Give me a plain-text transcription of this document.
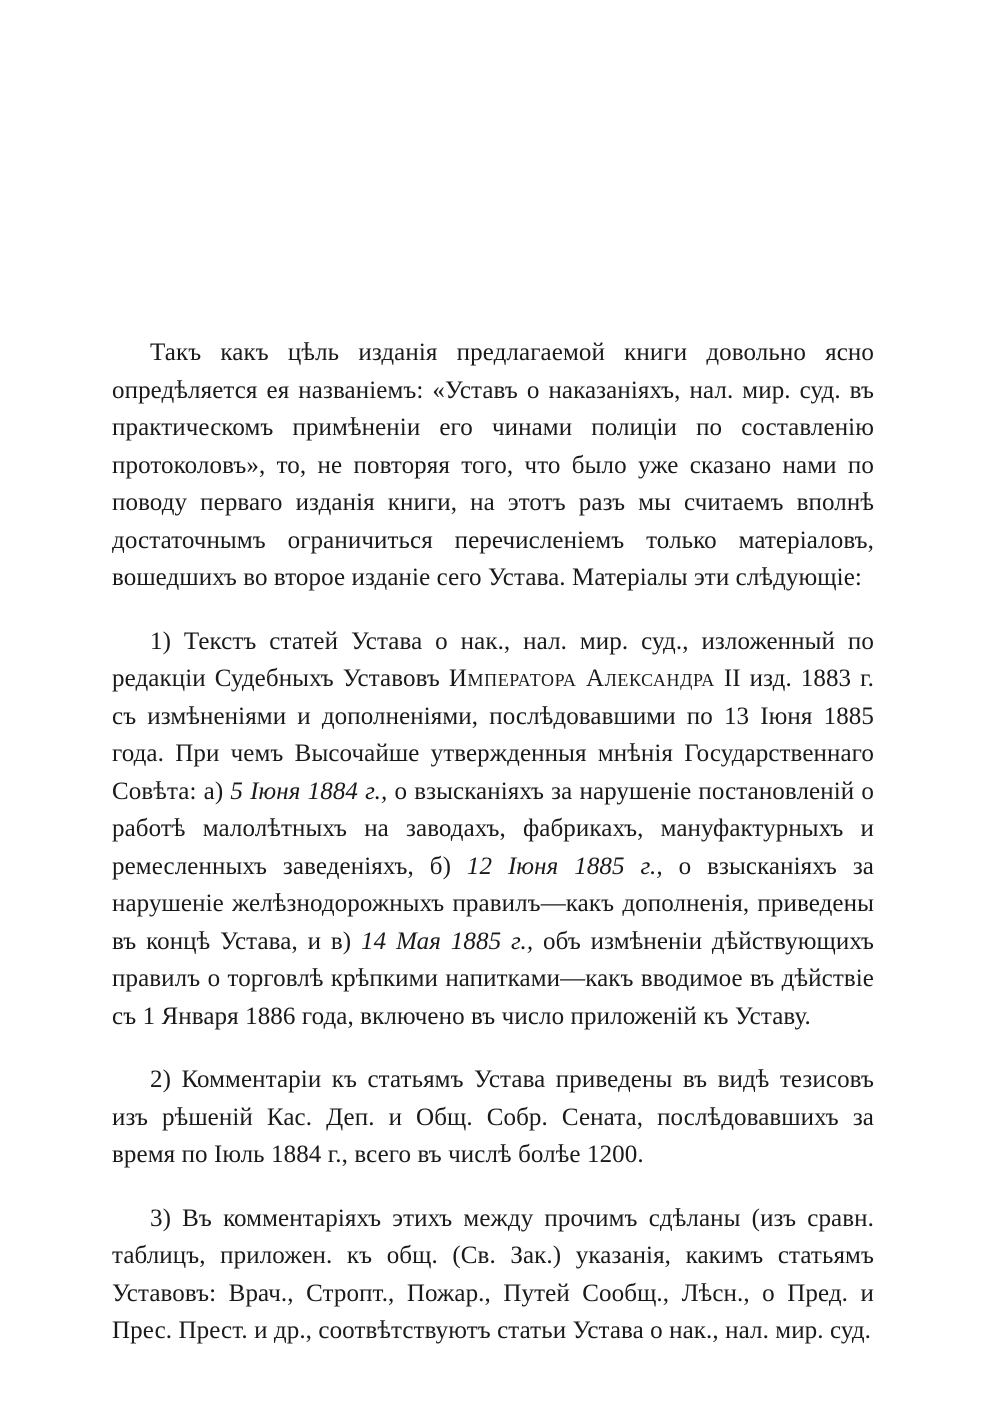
Такъ какъ цѣль изданія предлагаемой книги довольно ясно опредѣляется ея названіемъ: «Уставъ о наказаніяхъ, нал. мир. суд. въ практическомъ примѣненіи его чинами полиціи по составленію протоколовъ», то, не повторяя того, что было уже сказано нами по поводу перваго изданія книги, на этотъ разъ мы считаемъ вполнѣ достаточнымъ ограничиться перечисленіемъ только матеріаловъ, вошедшихъ во второе изданіе сего Устава. Матеріалы эти слѣдующіе:

1) Текстъ статей Устава о нак., нал. мир. суд., изложенный по редакціи Судебныхъ Уставовъ Императора Александра II изд. 1883 г. съ измѣненіями и дополненіями, послѣдовавшими по 13 Іюня 1885 года. При чемъ Высочайше утвержденныя мнѣнія Государственнаго Совѣта: а) 5 Іюня 1884 г., о взысканіяхъ за нарушеніе постановленій о работѣ малолѣтныхъ на заводахъ, фабрикахъ, мануфактурныхъ и ремесленныхъ заведеніяхъ, б) 12 Іюня 1885 г., о взысканіяхъ за нарушеніе желѣзнодорожныхъ правилъ—какъ дополненія, приведены въ концѣ Устава, и в) 14 Мая 1885 г., объ измѣненіи дѣйствующихъ правилъ о торговлѣ крѣпкими напитками—какъ вводимое въ дѣйствіе съ 1 Января 1886 года, включено въ число приложеній къ Уставу.

2) Комментаріи къ статьямъ Устава приведены въ видѣ тезисовъ изъ рѣшеній Кас. Деп. и Общ. Собр. Сената, послѣдовавшихъ за время по Іюль 1884 г., всего въ числѣ болѣе 1200.

3) Въ комментаріяхъ этихъ между прочимъ сдѣланы (изъ сравн. таблицъ, приложен. къ общ. (Св. Зак.) указанія, какимъ статьямъ Уставовъ: Врач., Стропт., Пожар., Путей Сообщ., Лѣсн., о Пред. и Прес. Прест. и др., соотвѣтствуютъ статьи Устава о нак., нал. мир. суд.
